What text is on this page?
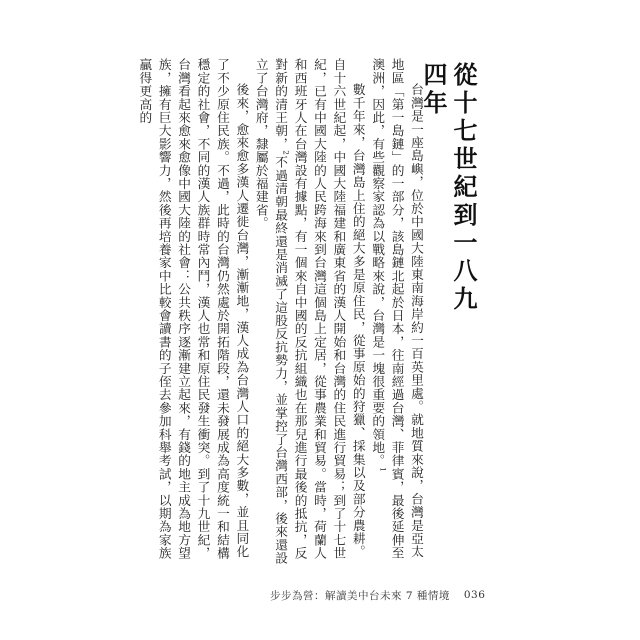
從十七世紀到一八九四年

台灣是一座島嶼，位於中國大陸東南海岸約一百英里處。就地質來說，台灣是亞太地區「第一島鏈」的一部分，該島鏈北起於日本，往南經過台灣、菲律賓，最後延伸至澳洲，因此，有些觀察家認為以戰略來說，台灣是一塊很重要的領地。$^1$

數千年來，台灣島上住的絕大多是原住民，從事原始的狩獵、採集以及部分農耕。自十六世紀起，中國大陸福建和廣東省的漢人開始和台灣的住民進行貿易；到了十七世紀，已有中國大陸的人民跨海來到台灣這個島上定居，從事農業和貿易。當時，荷蘭人和西班牙人在台灣設有據點，有一個來自中國的反抗組織也在那兒進行最後的抵抗，反對新的清王朝，$^2$不過清朝最終還是消滅了這股反抗勢力，並掌控了台灣西部，後來還設立了台灣府，隸屬於福建省。

後來，愈來愈多漢人遷徙台灣，漸漸地，漢人成為台灣人口的絕大多數，並且同化了不少原住民族。不過，此時的台灣仍然處於開拓階段，還未發展成為高度統一和結構穩定的社會，不同的漢人族群時常內鬥，漢人也常和原住民發生衝突。到了十九世紀，台灣看起來愈來愈像中國大陸的社會：公共秩序逐漸建立起來，有錢的地主成為地方望族，擁有巨大影響力，然後再培養家中比較會讀書的子侄去參加科舉考試，以期為家族贏得更高的

步步為營：解讀美中台未來 7 種情境 036
